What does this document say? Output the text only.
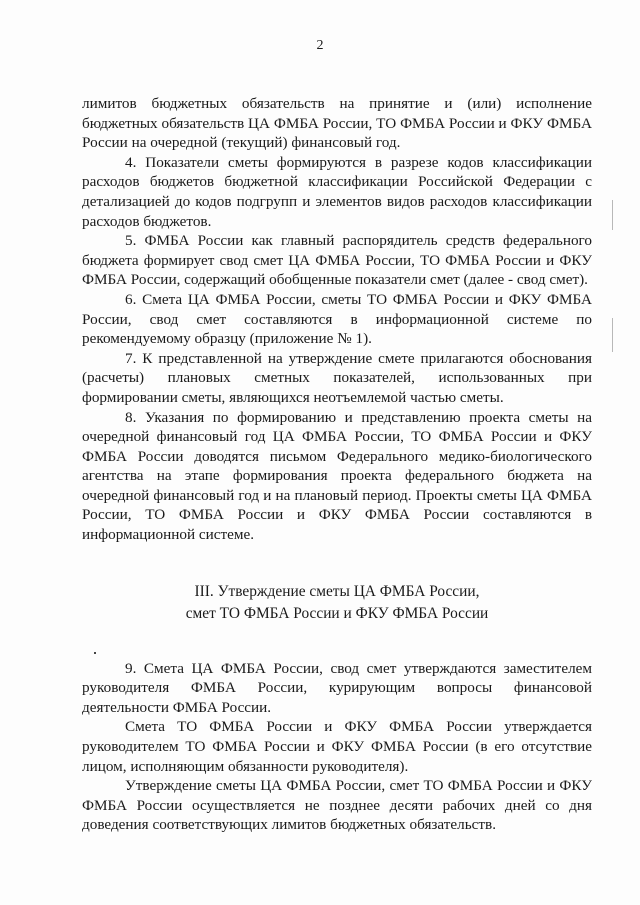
2

лимитов бюджетных обязательств на принятие и (или) исполнение бюджетных обязательств ЦА ФМБА России, ТО ФМБА России и ФКУ ФМБА России на очередной (текущий) финансовый год.

4. Показатели сметы формируются в разрезе кодов классификации расходов бюджетов бюджетной классификации Российской Федерации с детализацией до кодов подгрупп и элементов видов расходов классификации расходов бюджетов.

5. ФМБА России как главный распорядитель средств федерального бюджета формирует свод смет ЦА ФМБА России, ТО ФМБА России и ФКУ ФМБА России, содержащий обобщенные показатели смет (далее - свод смет).

6. Смета ЦА ФМБА России, сметы ТО ФМБА России и ФКУ ФМБА России, свод смет составляются в информационной системе по рекомендуемому образцу (приложение № 1).

7. К представленной на утверждение смете прилагаются обоснования (расчеты) плановых сметных показателей, использованных при формировании сметы, являющихся неотъемлемой частью сметы.

8. Указания по формированию и представлению проекта сметы на очередной финансовый год ЦА ФМБА России, ТО ФМБА России и ФКУ ФМБА России доводятся письмом Федерального медико-биологического агентства на этапе формирования проекта федерального бюджета на очередной финансовый год и на плановый период. Проекты сметы ЦА ФМБА России, ТО ФМБА России и ФКУ ФМБА России составляются в информационной системе.

III. Утверждение сметы ЦА ФМБА России,
смет ТО ФМБА России и ФКУ ФМБА России

9. Смета ЦА ФМБА России, свод смет утверждаются заместителем руководителя ФМБА России, курирующим вопросы финансовой деятельности ФМБА России.

Смета ТО ФМБА России и ФКУ ФМБА России утверждается руководителем ТО ФМБА России и ФКУ ФМБА России (в его отсутствие лицом, исполняющим обязанности руководителя).

Утверждение сметы ЦА ФМБА России, смет ТО ФМБА России и ФКУ ФМБА России осуществляется не позднее десяти рабочих дней со дня доведения соответствующих лимитов бюджетных обязательств.
